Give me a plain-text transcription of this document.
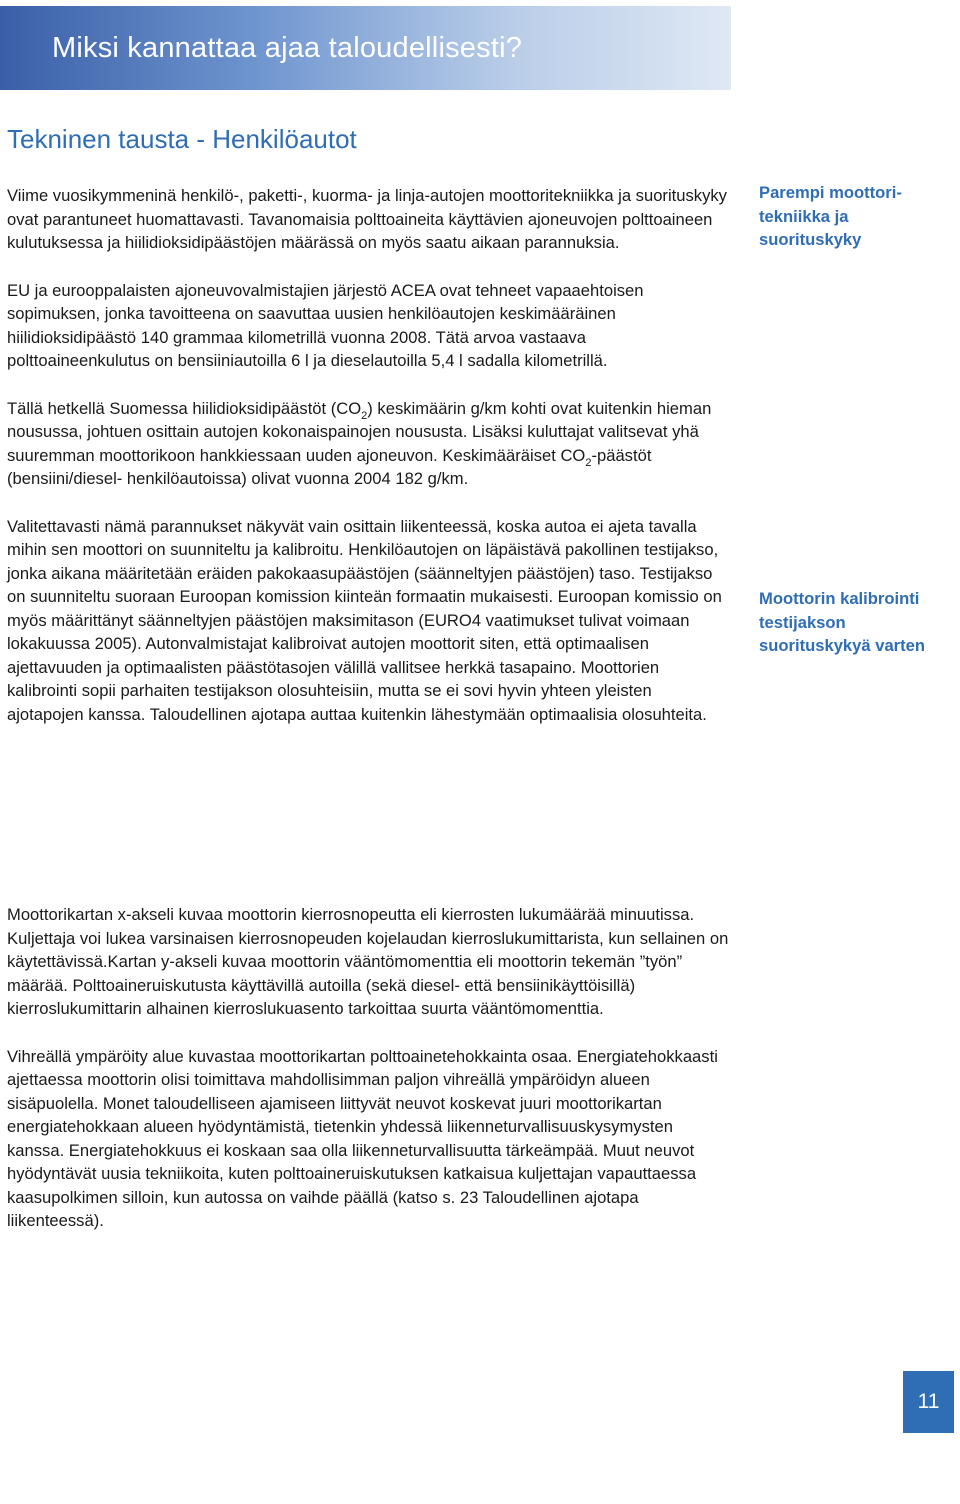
Miksi kannattaa ajaa taloudellisesti?
Tekninen tausta - Henkilöautot

Viime vuosikymmeninä henkilö-, paketti-, kuorma- ja linja-autojen moottoritekniikka ja suorituskyky ovat parantuneet huomattavasti. Tavanomaisia polttoaineita käyttävien ajoneuvojen polttoaineen kulutuksessa ja hiilidioksidipäästöjen määrässä on myös saatu aikaan parannuksia.

EU ja eurooppalaisten ajoneuvovalmistajien järjestö ACEA ovat tehneet vapaaehtoisen sopimuksen, jonka tavoitteena on saavuttaa uusien henkilöautojen keskimääräinen hiilidioksidipäästö 140 grammaa kilometrillä vuonna 2008. Tätä arvoa vastaava polttoaineenkulutus on bensiiniautoilla 6 l ja dieselautoilla 5,4 l sadalla kilometrillä.

Tällä hetkellä Suomessa hiilidioksidipäästöt $(CO_2)$ keskimäärin g/km kohti ovat kuitenkin hieman nousussa, johtuen osittain autojen kokonaispainojen noususta. Lisäksi kuluttajat valitsevat yhä suuremman moottorikoon hankkiessaan uuden ajoneuvon. Keskimääräiset $CO_2$-päästöt (bensiini/diesel- henkilöautoissa) olivat vuonna 2004 182 g/km.

Valitettavasti nämä parannukset näkyvät vain osittain liikenteessä, koska autoa ei ajeta tavalla mihin sen moottori on suunniteltu ja kalibroitu. Henkilöautojen on läpäistävä pakollinen testijakso, jonka aikana määritetään eräiden pakokaasupäästöjen (säänneltyjen päästöjen) taso. Testijakso on suunniteltu suoraan Euroopan komission kiinteän formaatin mukaisesti. Euroopan komissio on myös määrittänyt säänneltyjen päästöjen maksimitason (EURO4 vaatimukset tulivat voimaan lokakuussa 2005). Autonvalmistajat kalibroivat autojen moottorit siten, että optimaalisen ajettavuuden ja optimaalisten päästötasojen välillä vallitsee herkkä tasapaino. Moottorien kalibrointi sopii parhaiten testijakson olosuhteisiin, mutta se ei sovi hyvin yhteen yleisten ajotapojen kanssa. Taloudellinen ajotapa auttaa kuitenkin lähestymään optimaalisia olosuhteita.

Parempi moottori-tekniikka ja suorituskyky

Moottorin kalibrointi testijakson suorituskykyä varten

Moottorikartan x-akseli kuvaa moottorin kierrosnopeutta eli kierrosten lukumäärää minuutissa. Kuljettaja voi lukea varsinaisen kierrosnopeuden kojelaudan kierroslukumittarista, kun sellainen on käytettävissä.Kartan y-akseli kuvaa moottorin vääntömomenttia eli moottorin tekemän ”työn” määrää. Polttoaineruiskutusta käyttävillä autoilla (sekä diesel- että bensiinikäyttöisillä) kierroslukumittarin alhainen kierroslukuasento tarkoittaa suurta vääntömomenttia.

Vihreällä ympäröity alue kuvastaa moottorikartan polttoainetehokkainta osaa. Energiatehokkaasti ajettaessa moottorin olisi toimittava mahdollisimman paljon vihreällä ympäröidyn alueen sisäpuolella. Monet taloudelliseen ajamiseen liittyvät neuvot koskevat juuri moottorikartan energiatehokkaan alueen hyödyntämistä, tietenkin yhdessä liikenneturvallisuuskysymysten kanssa. Energiatehokkuus ei koskaan saa olla liikenneturvallisuutta tärkeämpää. Muut neuvot hyödyntävät uusia tekniikoita, kuten polttoaineruiskutuksen katkaisua kuljettajan vapauttaessa kaasupolkimen silloin, kun autossa on vaihde päällä (katso s. 23 Taloudellinen ajotapa liikenteessä).

11
